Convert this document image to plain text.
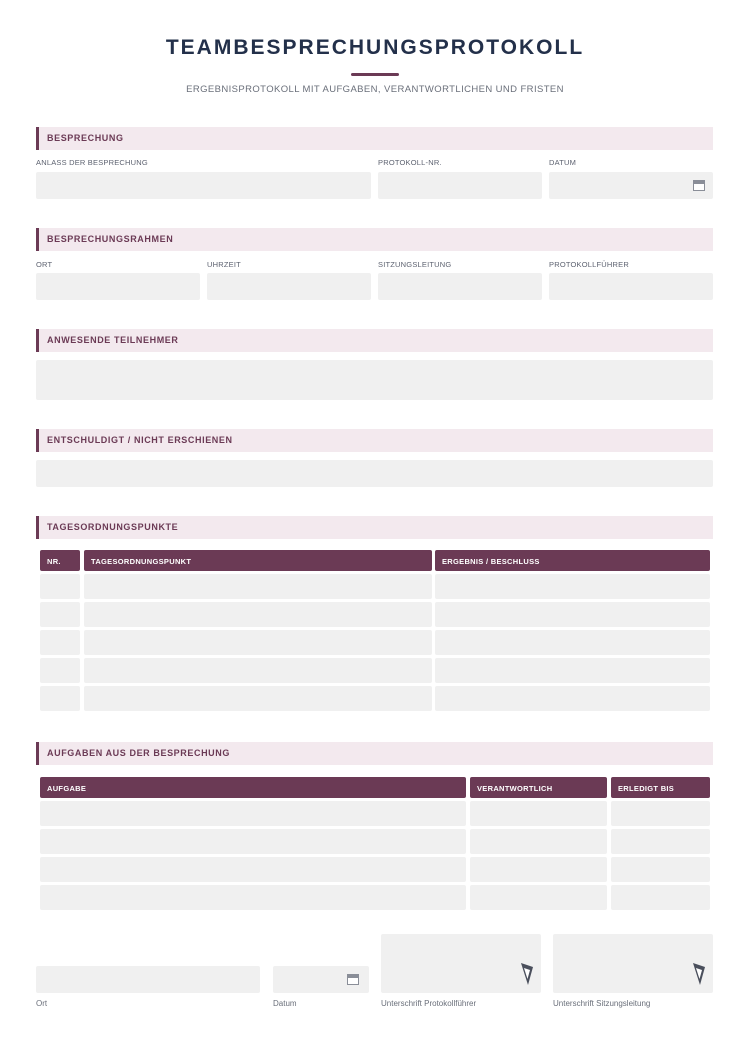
TEAMBESPRECHUNGSPROTOKOLL
ERGEBNISPROTOKOLL MIT AUFGABEN, VERANTWORTLICHEN UND FRISTEN
BESPRECHUNG
ANLASS DER BESPRECHUNG	PROTOKOLL-NR.	DATUM
BESPRECHUNGSRAHMEN
ORT	UHRZEIT	SITZUNGSLEITUNG	PROTOKOLLFÜHRER
ANWESENDE TEILNEHMER
ENTSCHULDIGT / NICHT ERSCHIENEN
TAGESORDNUNGSPUNKTE
NR.	TAGESORDNUNGSPUNKT	ERGEBNIS / BESCHLUSS
AUFGABEN AUS DER BESPRECHUNG
AUFGABE	VERANTWORTLICH	ERLEDIGT BIS
Ort	Datum	Unterschrift Protokollführer	Unterschrift Sitzungsleitung
